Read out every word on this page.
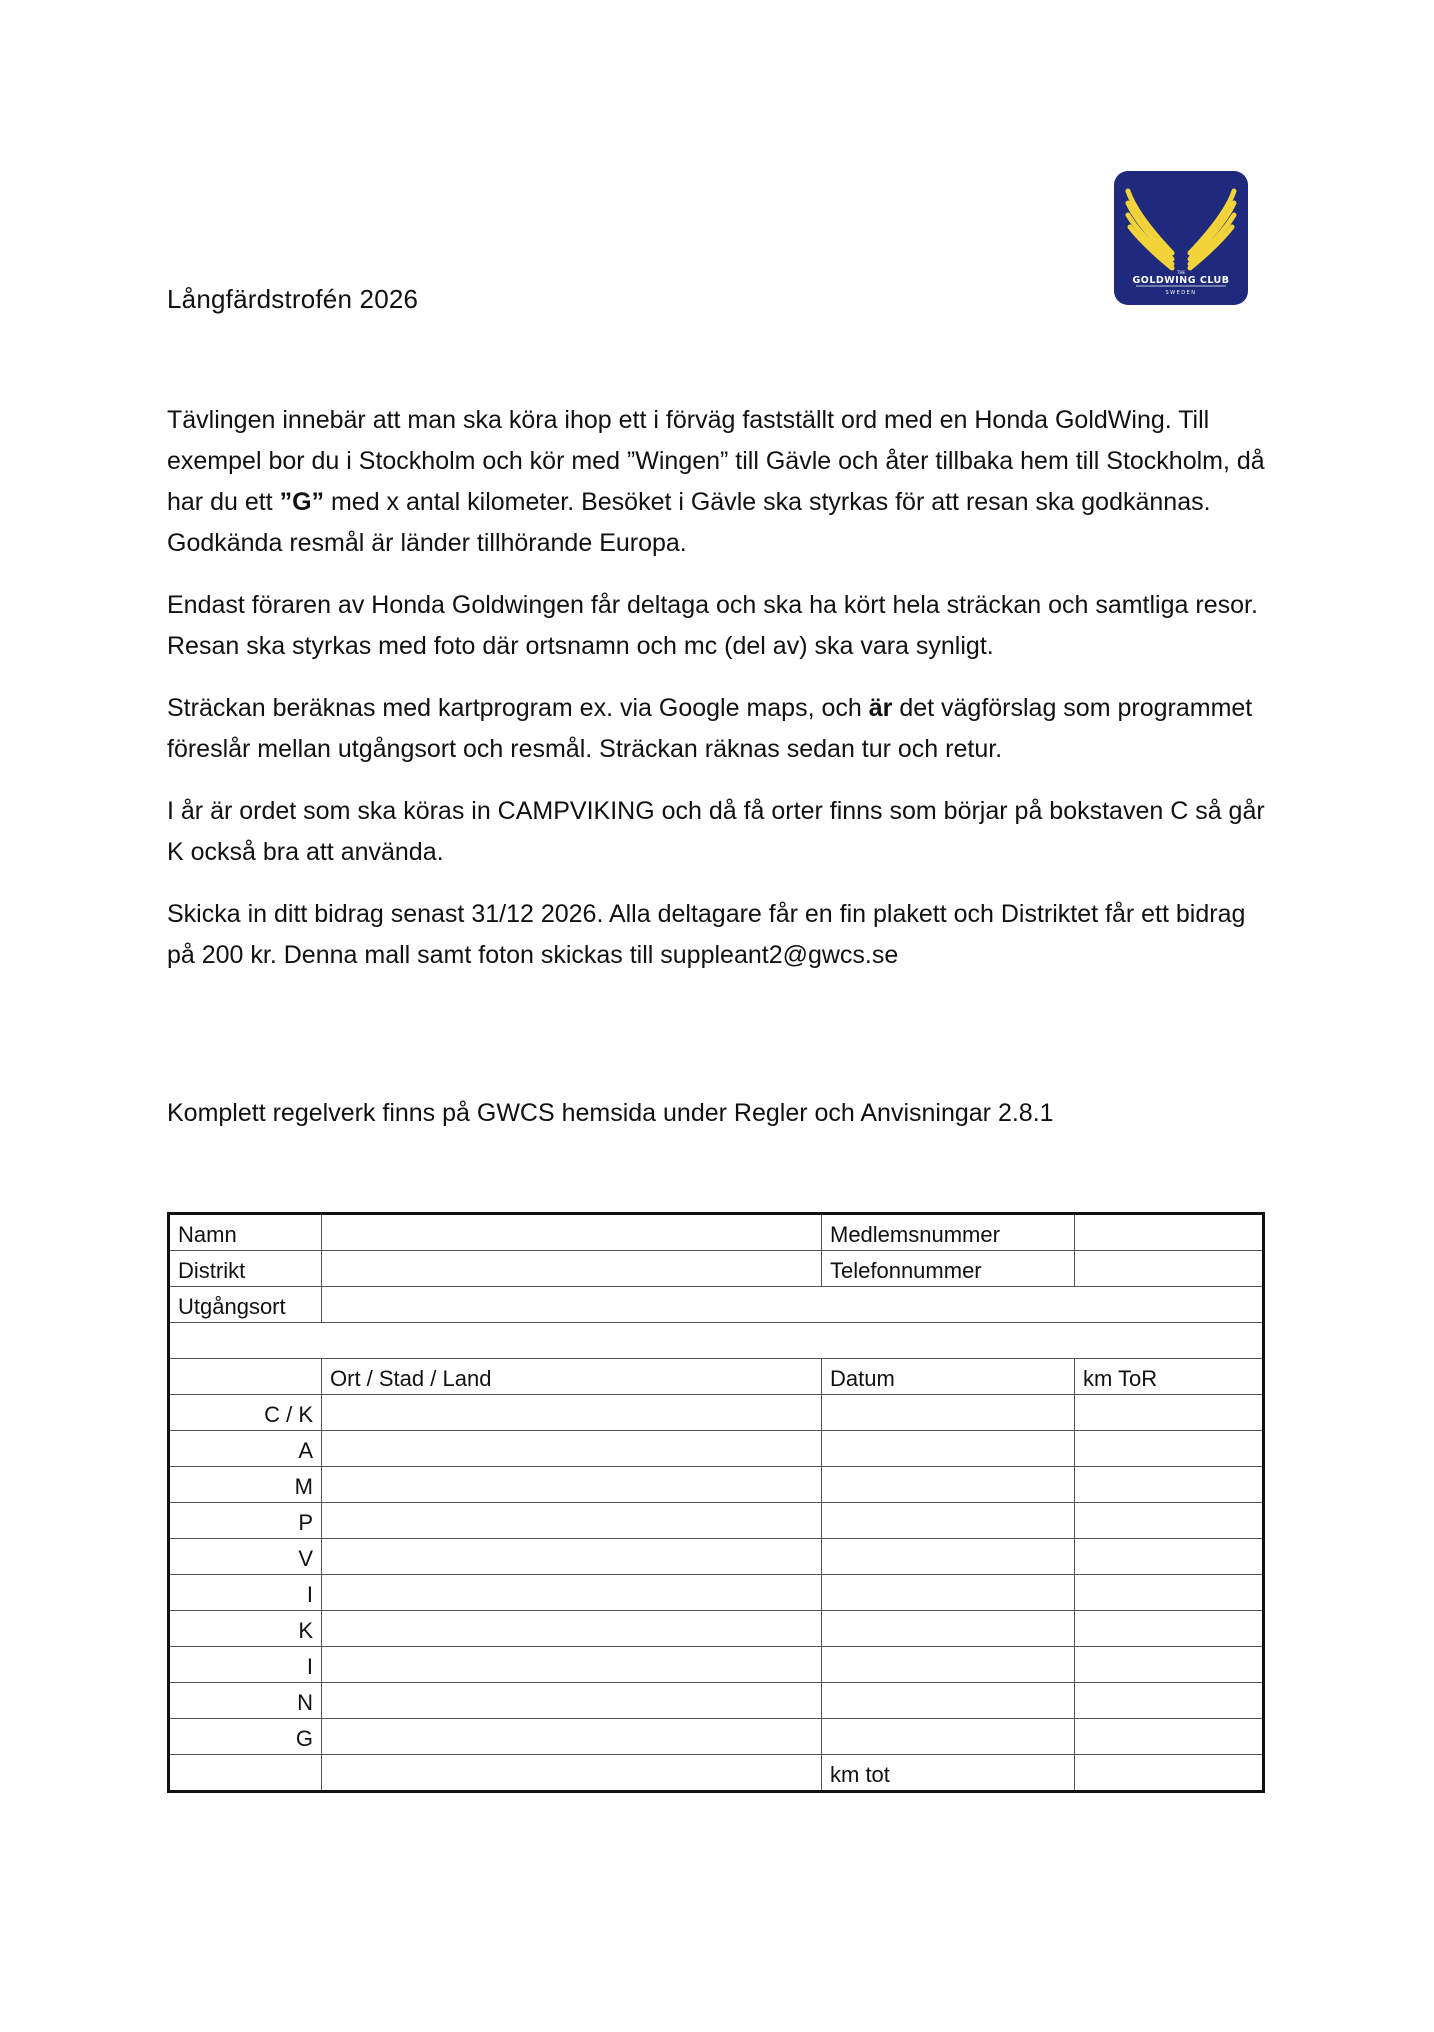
THE
GOLDWING CLUB
SWEDEN
Långfärdstrofén 2026

Tävlingen innebär att man ska köra ihop ett i förväg fastställt ord med en Honda GoldWing. Till exempel bor du i Stockholm och kör med ”Wingen” till Gävle och åter tillbaka hem till Stockholm, då har du ett ”G” med x antal kilometer. Besöket i Gävle ska styrkas för att resan ska godkännas. Godkända resmål är länder tillhörande Europa.

Endast föraren av Honda Goldwingen får deltaga och ska ha kört hela sträckan och samtliga resor. Resan ska styrkas med foto där ortsnamn och mc (del av) ska vara synligt.

Sträckan beräknas med kartprogram ex. via Google maps, och är det vägförslag som programmet föreslår mellan utgångsort och resmål. Sträckan räknas sedan tur och retur.

I år är ordet som ska köras in CAMPVIKING och då få orter finns som börjar på bokstaven C så går K också bra att använda.

Skicka in ditt bidrag senast 31/12 2026. Alla deltagare får en fin plakett och Distriktet får ett bidrag på 200 kr. Denna mall samt foton skickas till suppleant2@gwcs.se

Komplett regelverk finns på GWCS hemsida under Regler och Anvisningar 2.8.1
Namn		Medlemsnummer	
Distrikt		Telefonnummer	
Utgångsort			

	Ort / Stad / Land	Datum	km ToR
C / K			
A			
M			
P			
V			
I			
K			
I			
N			
G			
		km tot	
